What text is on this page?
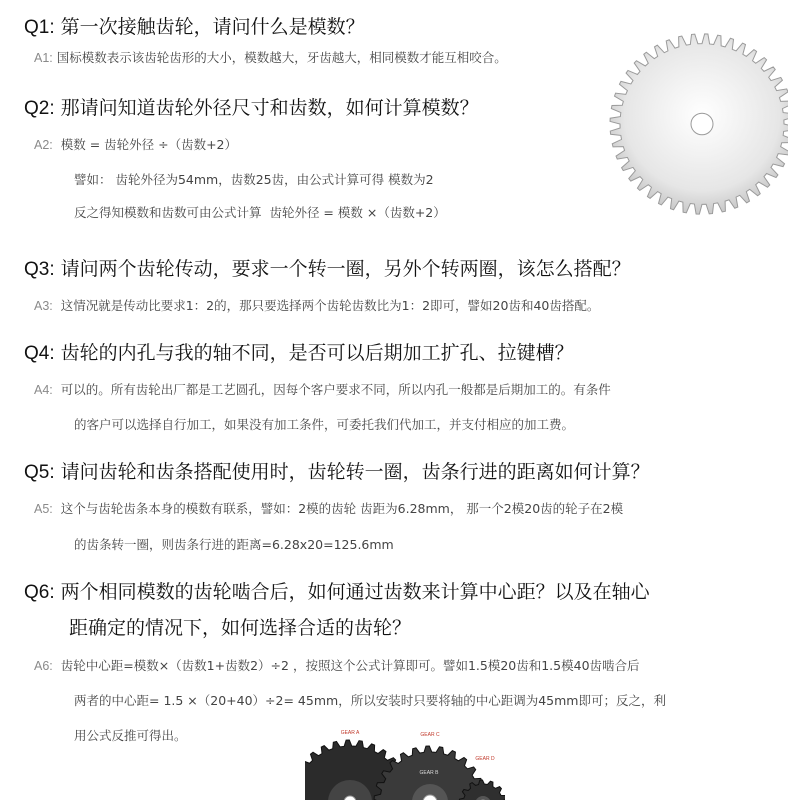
Q1: 第一次接触齿轮，请问什么是模数？
A1: 国标模数表示该齿轮齿形的大小，模数越大，牙齿越大，相同模数才能互相咬合。
Q2: 那请问知道齿轮外径尺寸和齿数，如何计算模数？
A2: 模数 = 齿轮外径 ÷（齿数+2）
譬如： 齿轮外径为54mm，齿数25齿，由公式计算可得 模数为2
反之得知模数和齿数可由公式计算  齿轮外径 = 模数 ×（齿数+2）
Q3: 请问两个齿轮传动，要求一个转一圈，另外个转两圈，该怎么搭配？
A3: 这情况就是传动比要求1：2的，那只要选择两个齿轮齿数比为1：2即可，譬如20齿和40齿搭配。
Q4: 齿轮的内孔与我的轴不同，是否可以后期加工扩孔、拉键槽？
A4: 可以的。所有齿轮出厂都是工艺圆孔，因每个客户要求不同，所以内孔一般都是后期加工的。有条件
的客户可以选择自行加工，如果没有加工条件，可委托我们代加工，并支付相应的加工费。
Q5: 请问齿轮和齿条搭配使用时，齿轮转一圈，齿条行进的距离如何计算？
A5: 这个与齿轮齿条本身的模数有联系，譬如：2模的齿轮 齿距为6.28mm， 那一个2模20齿的轮子在2模
的齿条转一圈，则齿条行进的距离=6.28x20=125.6mm
Q6: 两个相同模数的齿轮啮合后，如何通过齿数来计算中心距？以及在轴心
距确定的情况下，如何选择合适的齿轮？
A6: 齿轮中心距=模数×（齿数1+齿数2）÷2 ，按照这个公式计算即可。譬如1.5模20齿和1.5模40齿啮合后
两者的中心距= 1.5 ×（20+40）÷2= 45mm，所以安装时只要将轴的中心距调为45mm即可；反之，利
用公式反推可得出。	GEAR A	GEAR C
GEAR B
GEAR D
